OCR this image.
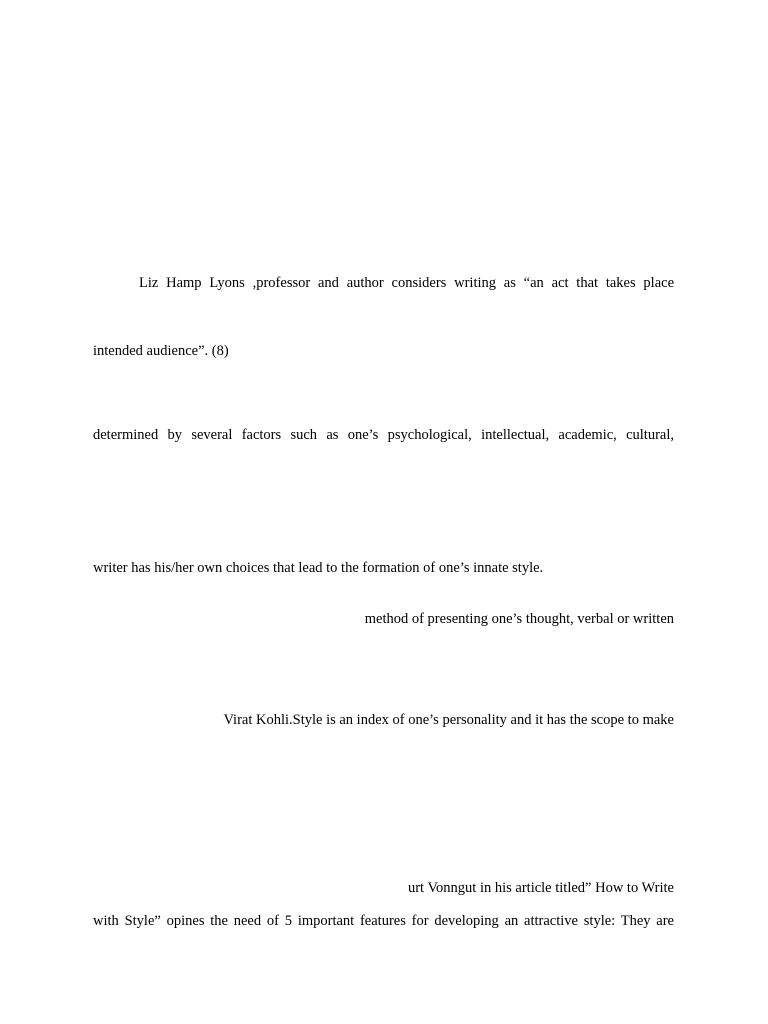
Liz Hamp Lyons ,professor and author considers writing as “an act that takes place
intended audience”. (8)
determined by several factors such as one’s psychological, intellectual, academic, cultural,
writer has his/her own choices that lead to the formation of one’s innate style.
method of presenting one’s thought, verbal or written
Virat Kohli.Style is an index of one’s personality and it has the scope to make
urt Vonngut in his article titled” How to Write
with Style” opines the need of 5 important features for developing an attractive style: They are
